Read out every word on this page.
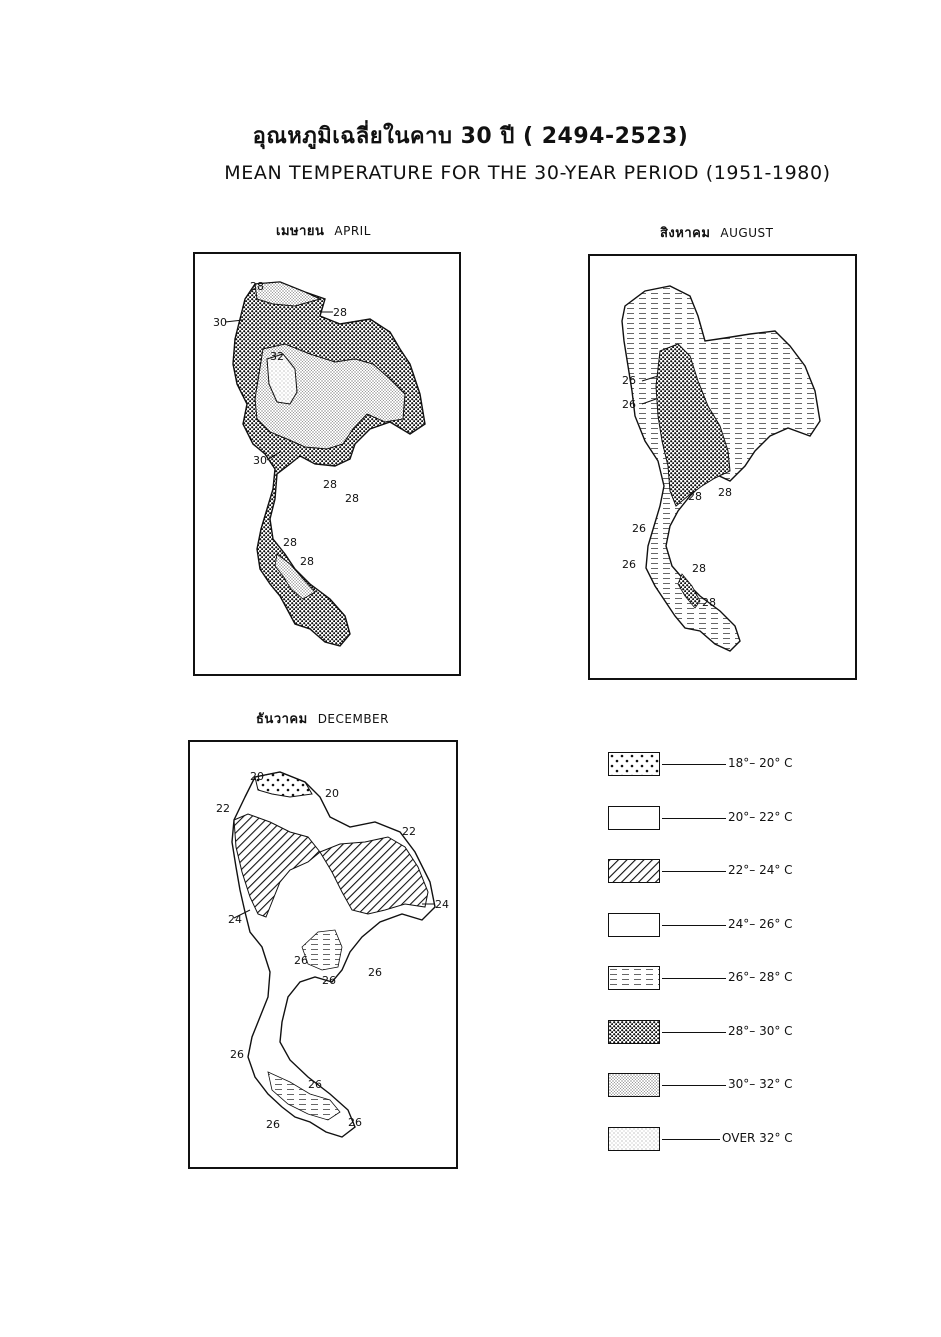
อุณหภูมิเฉลี่ยในคาบ 30 ปี ( 2494-2523)
MEAN TEMPERATURE FOR THE 30-YEAR PERIOD (1951-1980)
เมษายน APRIL
28
28
30
32
30
28
28
28
28
สิงหาคม AUGUST
26
26
28 28
26
26	28
28
ธันวาคม DECEMBER
20
20
22
22
24
24
26
26
26
26
26
26	26
18°– 20° C
20°– 22° C
22°– 24° C
24°– 26° C
26°– 28° C
28°– 30° C
30°– 32° C
OVER 32° C
